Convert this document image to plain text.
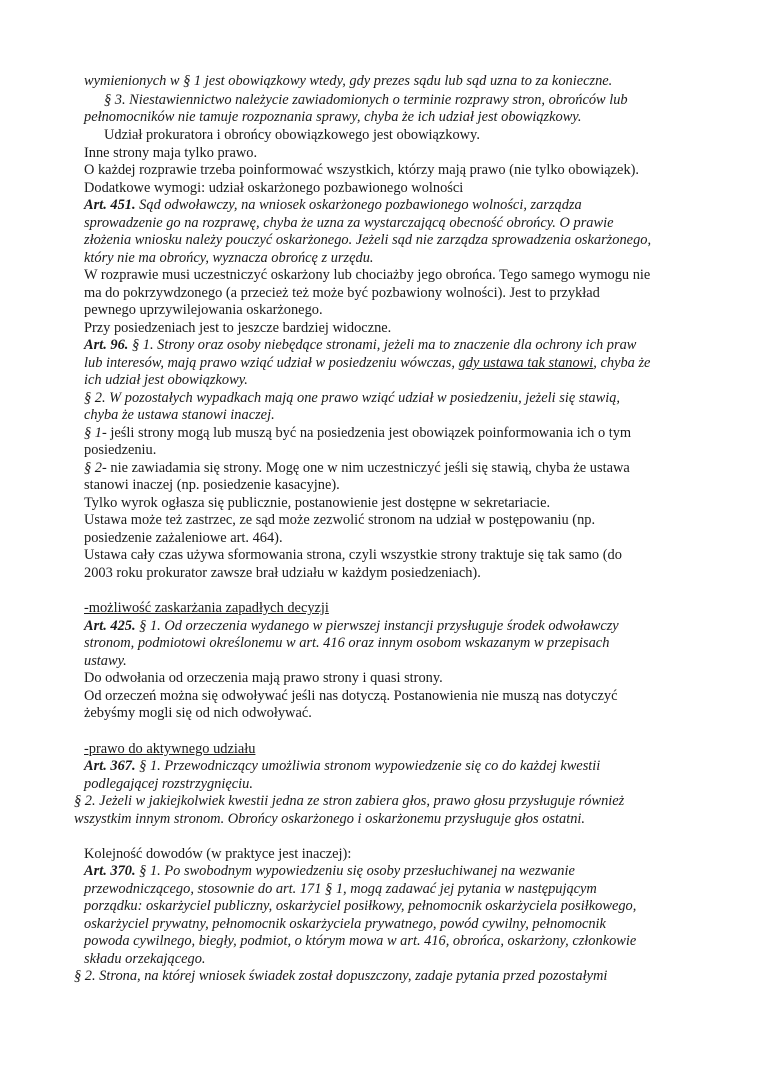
wymienionych w § 1 jest obowiązkowy wtedy, gdy prezes sądu lub sąd uzna to za konieczne.
§ 3. Niestawiennictwo należycie zawiadomionych o terminie rozprawy stron, obrońców lub
pełnomocników nie tamuje rozpoznania sprawy, chyba że ich udział jest obowiązkowy.
Udział prokuratora i obrońcy obowiązkowego jest obowiązkowy.
Inne strony maja tylko prawo.
O każdej rozprawie trzeba poinformować wszystkich, którzy mają prawo (nie tylko obowiązek).
Dodatkowe wymogi: udział oskarżonego pozbawionego wolności
Art. 451. Sąd odwoławczy, na wniosek oskarżonego pozbawionego wolności, zarządza
sprowadzenie go na rozprawę, chyba że uzna za wystarczającą obecność obrońcy. O prawie
złożenia wniosku należy pouczyć oskarżonego. Jeżeli sąd nie zarządza sprowadzenia oskarżonego,
który nie ma obrońcy, wyznacza obrońcę z urzędu.
W rozprawie musi uczestniczyć oskarżony lub chociażby jego obrońca. Tego samego wymogu nie
ma do pokrzywdzonego (a przecież też może być pozbawiony wolności). Jest to przykład
pewnego uprzywilejowania oskarżonego.
Przy posiedzeniach jest to jeszcze bardziej widoczne.
Art. 96. § 1. Strony oraz osoby niebędące stronami, jeżeli ma to znaczenie dla ochrony ich praw
lub interesów, mają prawo wziąć udział w posiedzeniu wówczas, gdy ustawa tak stanowi, chyba że
ich udział jest obowiązkowy.
§ 2. W pozostałych wypadkach mają one prawo wziąć udział w posiedzeniu, jeżeli się stawią,
chyba że ustawa stanowi inaczej.
§ 1- jeśli strony mogą lub muszą być na posiedzenia jest obowiązek poinformowania ich o tym
posiedzeniu.
§ 2- nie zawiadamia się strony. Mogę one w nim uczestniczyć jeśli się stawią, chyba że ustawa
stanowi inaczej (np. posiedzenie kasacyjne).
Tylko wyrok ogłasza się publicznie, postanowienie jest dostępne w sekretariacie.
Ustawa może też zastrzec, ze sąd może zezwolić stronom na udział w postępowaniu (np.
posiedzenie zażaleniowe art. 464).
Ustawa cały czas używa sformowania strona, czyli wszystkie strony traktuje się tak samo (do
2003 roku prokurator zawsze brał udziału w każdym posiedzeniach).
-możliwość zaskarżania zapadłych decyzji
Art. 425. § 1. Od orzeczenia wydanego w pierwszej instancji przysługuje środek odwoławczy
stronom, podmiotowi określonemu w art. 416 oraz innym osobom wskazanym w przepisach
ustawy.
Do odwołania od orzeczenia mają prawo strony i quasi strony.
Od orzeczeń można się odwoływać jeśli nas dotyczą. Postanowienia nie muszą nas dotyczyć
żebyśmy mogli się od nich odwoływać.
-prawo do aktywnego udziału
Art. 367. § 1. Przewodniczący umożliwia stronom wypowiedzenie się co do każdej kwestii
podlegającej rozstrzygnięciu.
§ 2. Jeżeli w jakiejkolwiek kwestii jedna ze stron zabiera głos, prawo głosu przysługuje również
wszystkim innym stronom. Obrońcy oskarżonego i oskarżonemu przysługuje głos ostatni.
Kolejność dowodów (w praktyce jest inaczej):
Art. 370. § 1. Po swobodnym wypowiedzeniu się osoby przesłuchiwanej na wezwanie
przewodniczącego, stosownie do art. 171 § 1, mogą zadawać jej pytania w następującym
porządku: oskarżyciel publiczny, oskarżyciel posiłkowy, pełnomocnik oskarżyciela posiłkowego,
oskarżyciel prywatny, pełnomocnik oskarżyciela prywatnego, powód cywilny, pełnomocnik
powoda cywilnego, biegły, podmiot, o którym mowa w art. 416, obrońca, oskarżony, członkowie
składu orzekającego.
§ 2. Strona, na której wniosek świadek został dopuszczony, zadaje pytania przed pozostałymi
